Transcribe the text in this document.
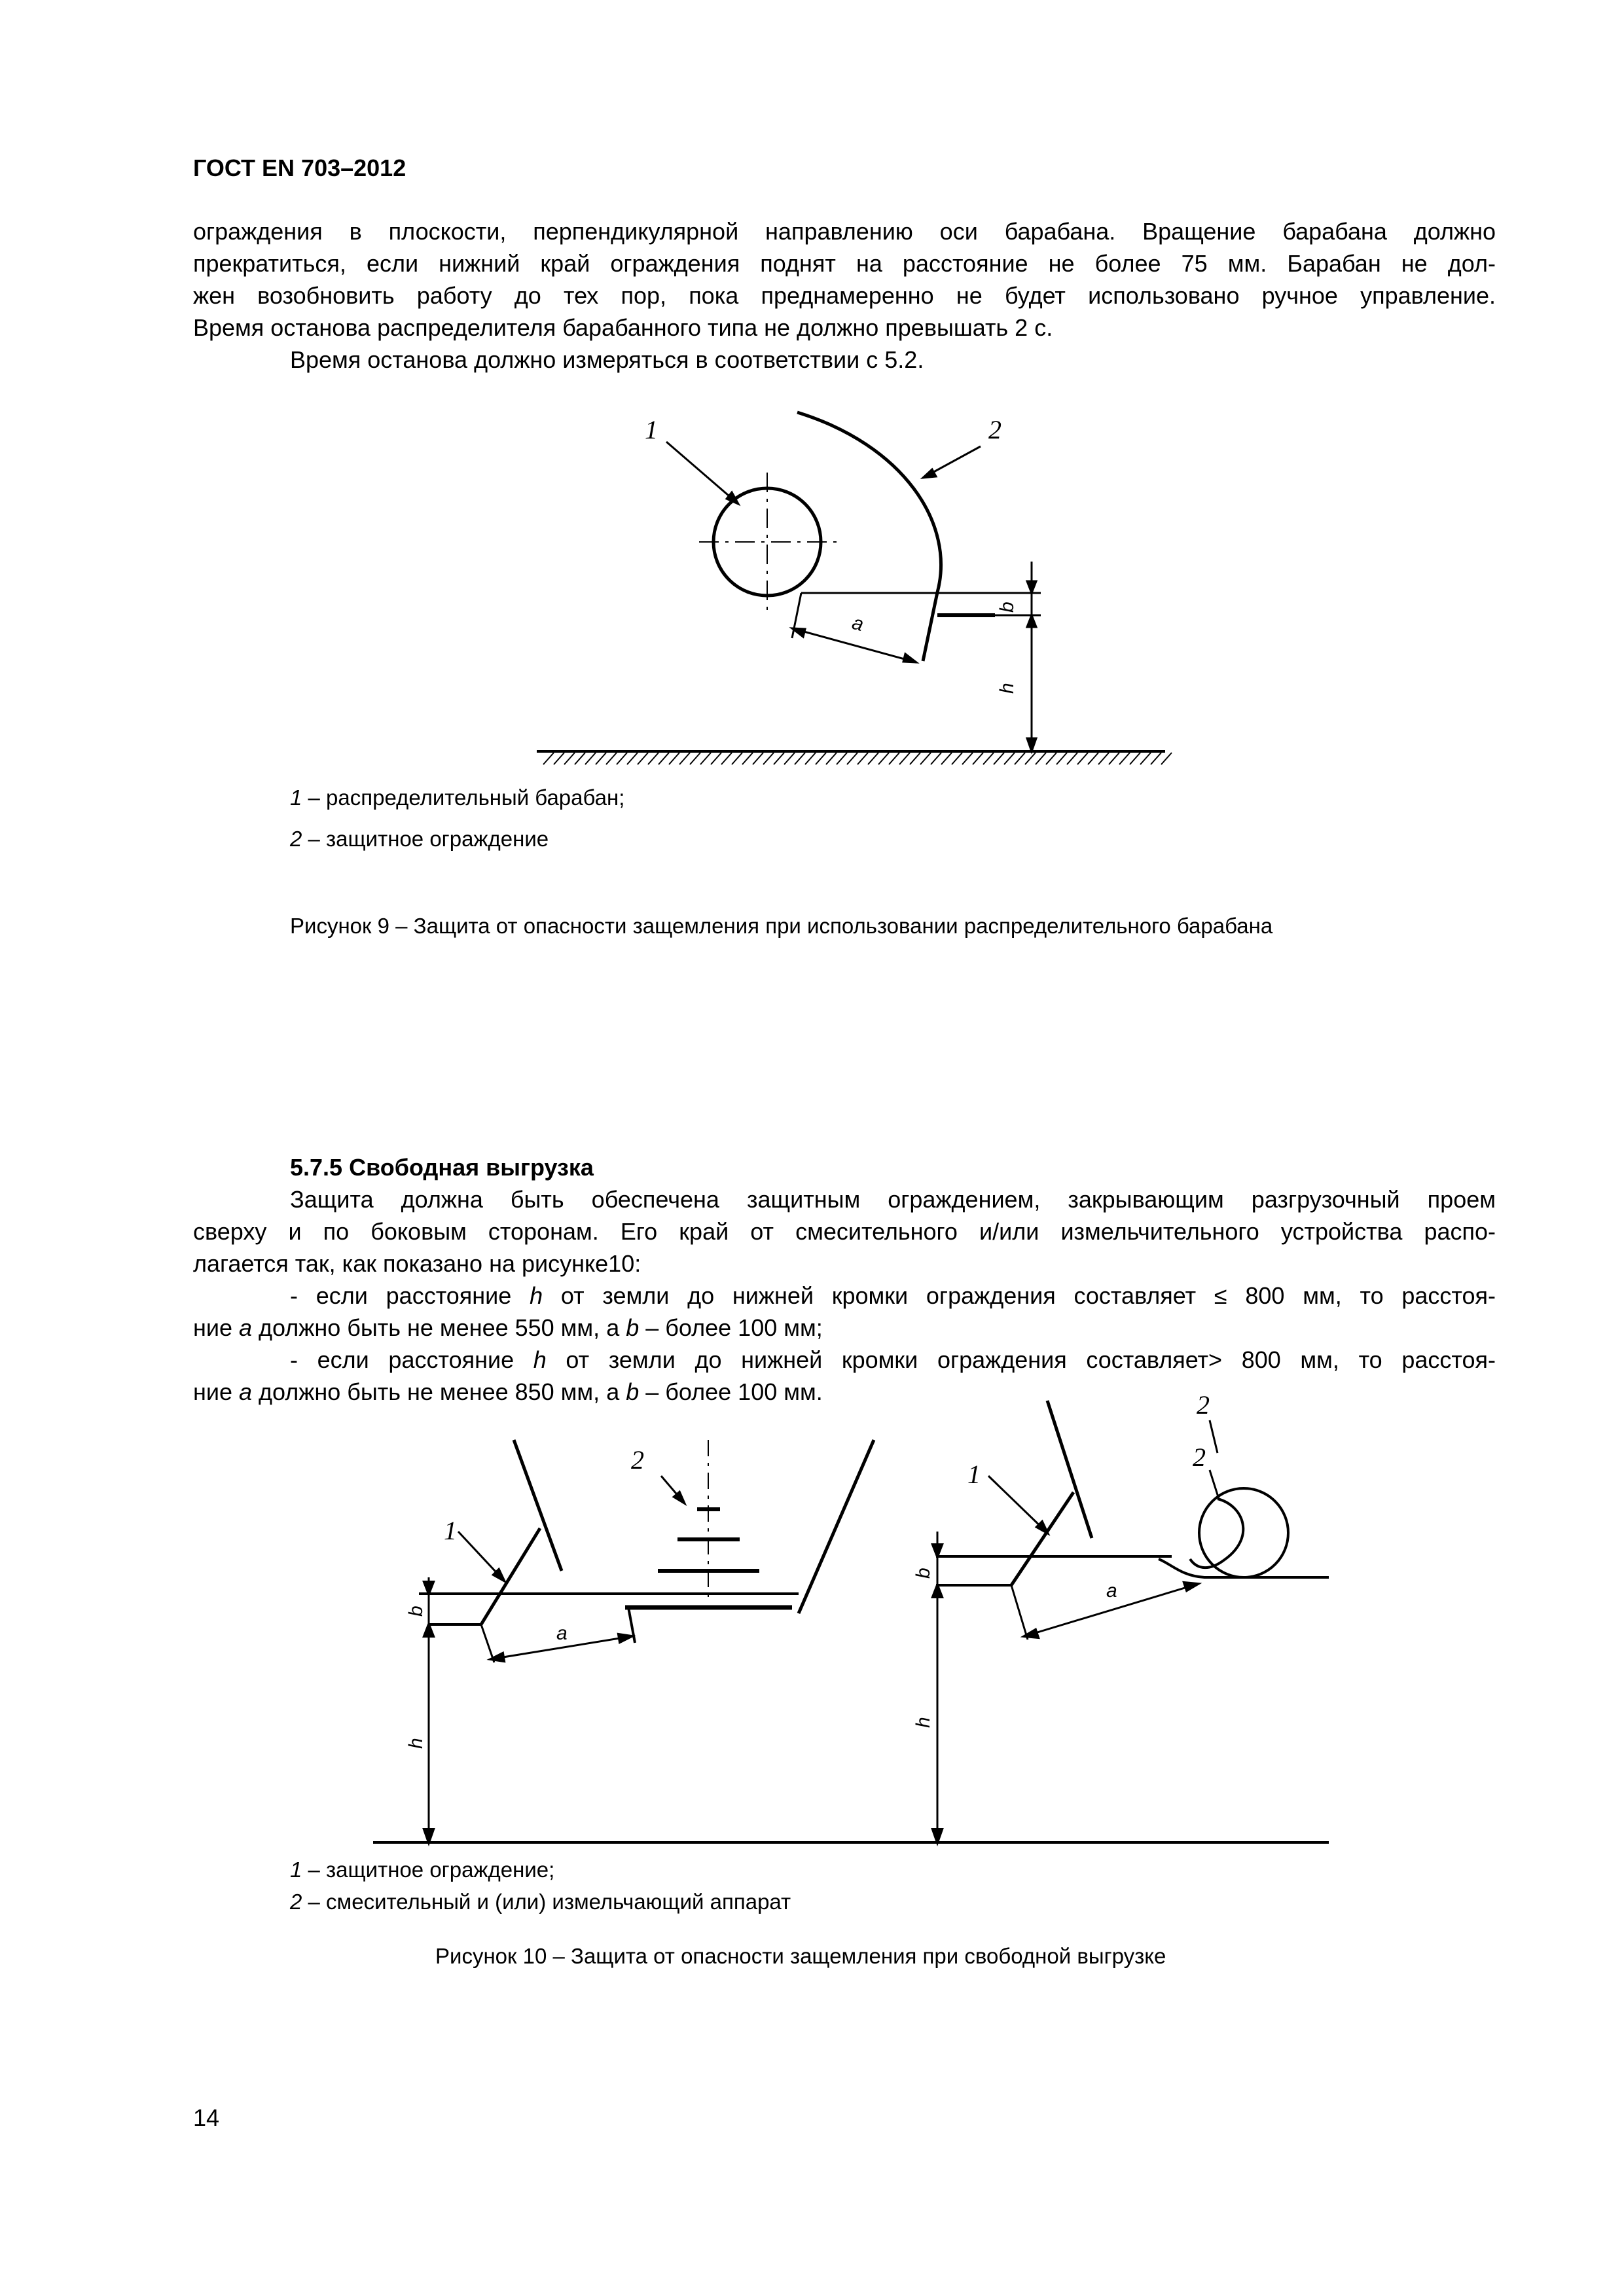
ГОСТ EN 703–2012
ограждения в плоскости, перпендикулярной направлению оси барабана. Вращение барабана должно
прекратиться, если нижний край ограждения поднят на расстояние не более 75 мм. Барабан не дол-
жен возобновить работу до тех пор, пока преднамеренно не будет использовано ручное управление.
Время останова распределителя барабанного типа не должно превышать 2 с.
Время останова должно измеряться в соответствии с 5.2.
1	2
a
b
h
2
1
a
b
h
1
2
2
a
b
h
1 – распределительный барабан;
2 – защитное ограждение
Рисунок 9 – Защита от опасности защемления при использовании распределительного барабана
5.7.5 Свободная выгрузка
Защита должна быть обеспечена защитным ограждением, закрывающим разгрузочный проем
сверху и по боковым сторонам. Его край от смесительного и/или измельчительного устройства распо-
лагается так, как показано на рисунке10:
- если расстояние h от земли до нижней кромки ограждения составляет ≤ 800 мм, то расстоя-
ние a должно быть не менее 550 мм, а b – более 100 мм;
- если расстояние h от земли до нижней кромки ограждения составляет> 800 мм, то расстоя-
ние a должно быть не менее 850 мм, а b – более 100 мм.
1 – защитное ограждение;
2 – смесительный и (или) измельчающий аппарат
Рисунок 10 – Защита от опасности защемления при свободной выгрузке
14
